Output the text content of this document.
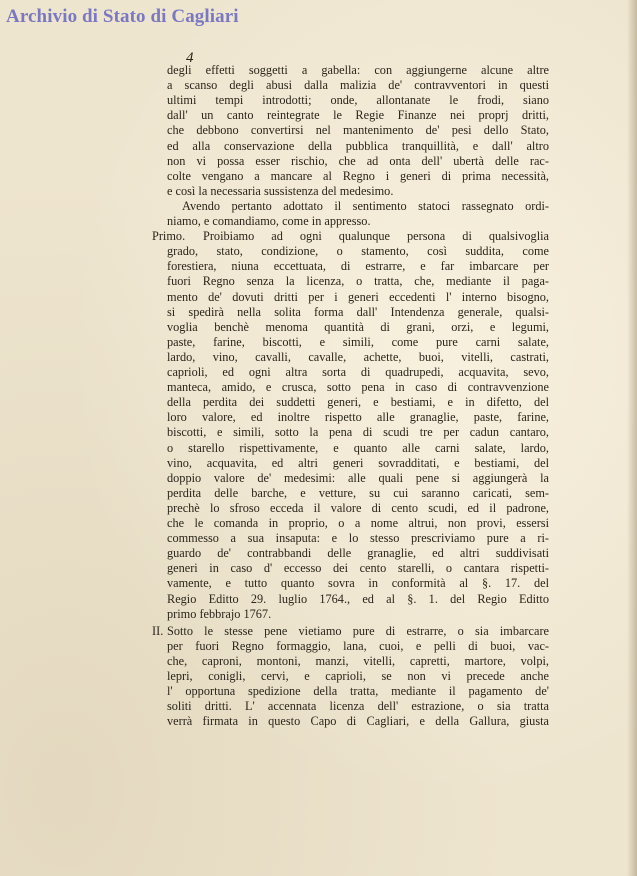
Archivio di Stato di Cagliari
4
degli effetti soggetti a gabella: con aggiungerne alcune altre
a scanso degli abusi dalla malizia de' contravventori in questi
ultimi tempi introdotti; onde, allontanate le frodi, siano
dall' un canto reintegrate le Regie Finanze nei proprj dritti,
che debbono convertirsi nel mantenimento de' pesi dello Stato,
ed alla conservazione della pubblica tranquillità, e dall' altro
non vi possa esser rischio, che ad onta dell' ubertà delle rac-
colte vengano a mancare al Regno i generi di prima necessità,
e così la necessaria sussistenza del medesimo.
Avendo pertanto adottato il sentimento statoci rassegnato ordi-
niamo, e comandiamo, come in appresso.
Primo. Proibiamo ad ogni qualunque persona di qualsivoglia
grado, stato, condizione, o stamento, così suddita, come
forestiera, niuna eccettuata, di estrarre, e far imbarcare per
fuori Regno senza la licenza, o tratta, che, mediante il paga-
mento de' dovuti dritti per i generi eccedenti l' interno bisogno,
si spedirà nella solita forma dall' Intendenza generale, qualsi-
voglia benchè menoma quantità di grani, orzi, e legumi,
paste, farine, biscotti, e simili, come pure carni salate,
lardo, vino, cavalli, cavalle, achette, buoi, vitelli, castrati,
caprioli, ed ogni altra sorta di quadrupedi, acquavita, sevo,
manteca, amido, e crusca, sotto pena in caso di contravvenzione
della perdita dei suddetti generi, e bestiami, e in difetto, del
loro valore, ed inoltre rispetto alle granaglie, paste, farine,
biscotti, e simili, sotto la pena di scudi tre per cadun cantaro,
o starello rispettivamente, e quanto alle carni salate, lardo,
vino, acquavita, ed altri generi sovradditati, e bestiami, del
doppio valore de' medesimi: alle quali pene si aggiungerà la
perdita delle barche, e vetture, su cui saranno caricati, sem-
prechè lo sfroso ecceda il valore di cento scudi, ed il padrone,
che le comanda in proprio, o a nome altrui, non provi, essersi
commesso a sua insaputa: e lo stesso prescriviamo pure a ri-
guardo de' contrabbandi delle granaglie, ed altri suddivisati
generi in caso d' eccesso dei cento starelli, o cantara rispetti-
vamente, e tutto quanto sovra in conformità al §. 17. del
Regio Editto 29. luglio 1764., ed al §. 1. del Regio Editto
primo febbrajo 1767.
II. Sotto le stesse pene vietiamo pure di estrarre, o sia imbarcare
per fuori Regno formaggio, lana, cuoi, e pelli di buoi, vac-
che, caproni, montoni, manzi, vitelli, capretti, martore, volpi,
lepri, conigli, cervi, e caprioli, se non vi precede anche
l' opportuna spedizione della tratta, mediante il pagamento de'
soliti dritti. L' accennata licenza dell' estrazione, o sia tratta
verrà firmata in questo Capo di Cagliari, e della Gallura, giusta
